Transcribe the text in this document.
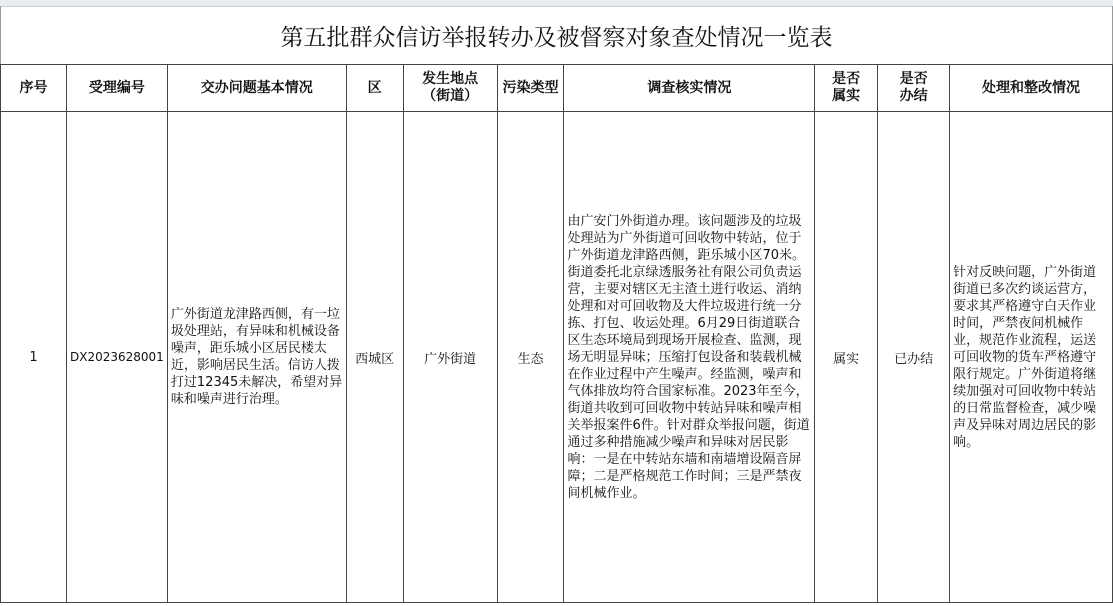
第五批群众信访举报转办及被督察对象查处情况一览表
序号	受理编号	交办问题基本情况	区	发生地点（街道）	污染类型	调查核实情况	是否属实	是否办结	处理和整改情况
1	DX2023628001	广外街道龙津路西侧，有一垃圾处理站，有异味和机械设备噪声，距乐城小区居民楼太近，影响居民生活。信访人拨打过12345未解决，希望对异味和噪声进行治理。	西城区	广外街道	生态	由广安门外街道办理。该问题涉及的垃圾处理站为广外街道可回收物中转站，位于广外街道龙津路西侧，距乐城小区70米。街道委托北京绿透服务社有限公司负责运营，主要对辖区无主渣土进行收运、消纳处理和对可回收物及大件垃圾进行统一分拣、打包、收运处理。6月29日街道联合区生态环境局到现场开展检查、监测，现场无明显异味；压缩打包设备和装载机械在作业过程中产生噪声。经监测，噪声和气体排放均符合国家标准。2023年至今，街道共收到可回收物中转站异味和噪声相关举报案件6件。针对群众举报问题，街道通过多种措施减少噪声和异味对居民影响：一是在中转站东墙和南墙增设隔音屏障；二是严格规范工作时间；三是严禁夜间机械作业。	属实	已办结	针对反映问题，广外街道街道已多次约谈运营方，要求其严格遵守白天作业时间，严禁夜间机械作业，规范作业流程，运送可回收物的货车严格遵守限行规定。广外街道将继续加强对可回收物中转站的日常监督检查，减少噪声及异味对周边居民的影响。
